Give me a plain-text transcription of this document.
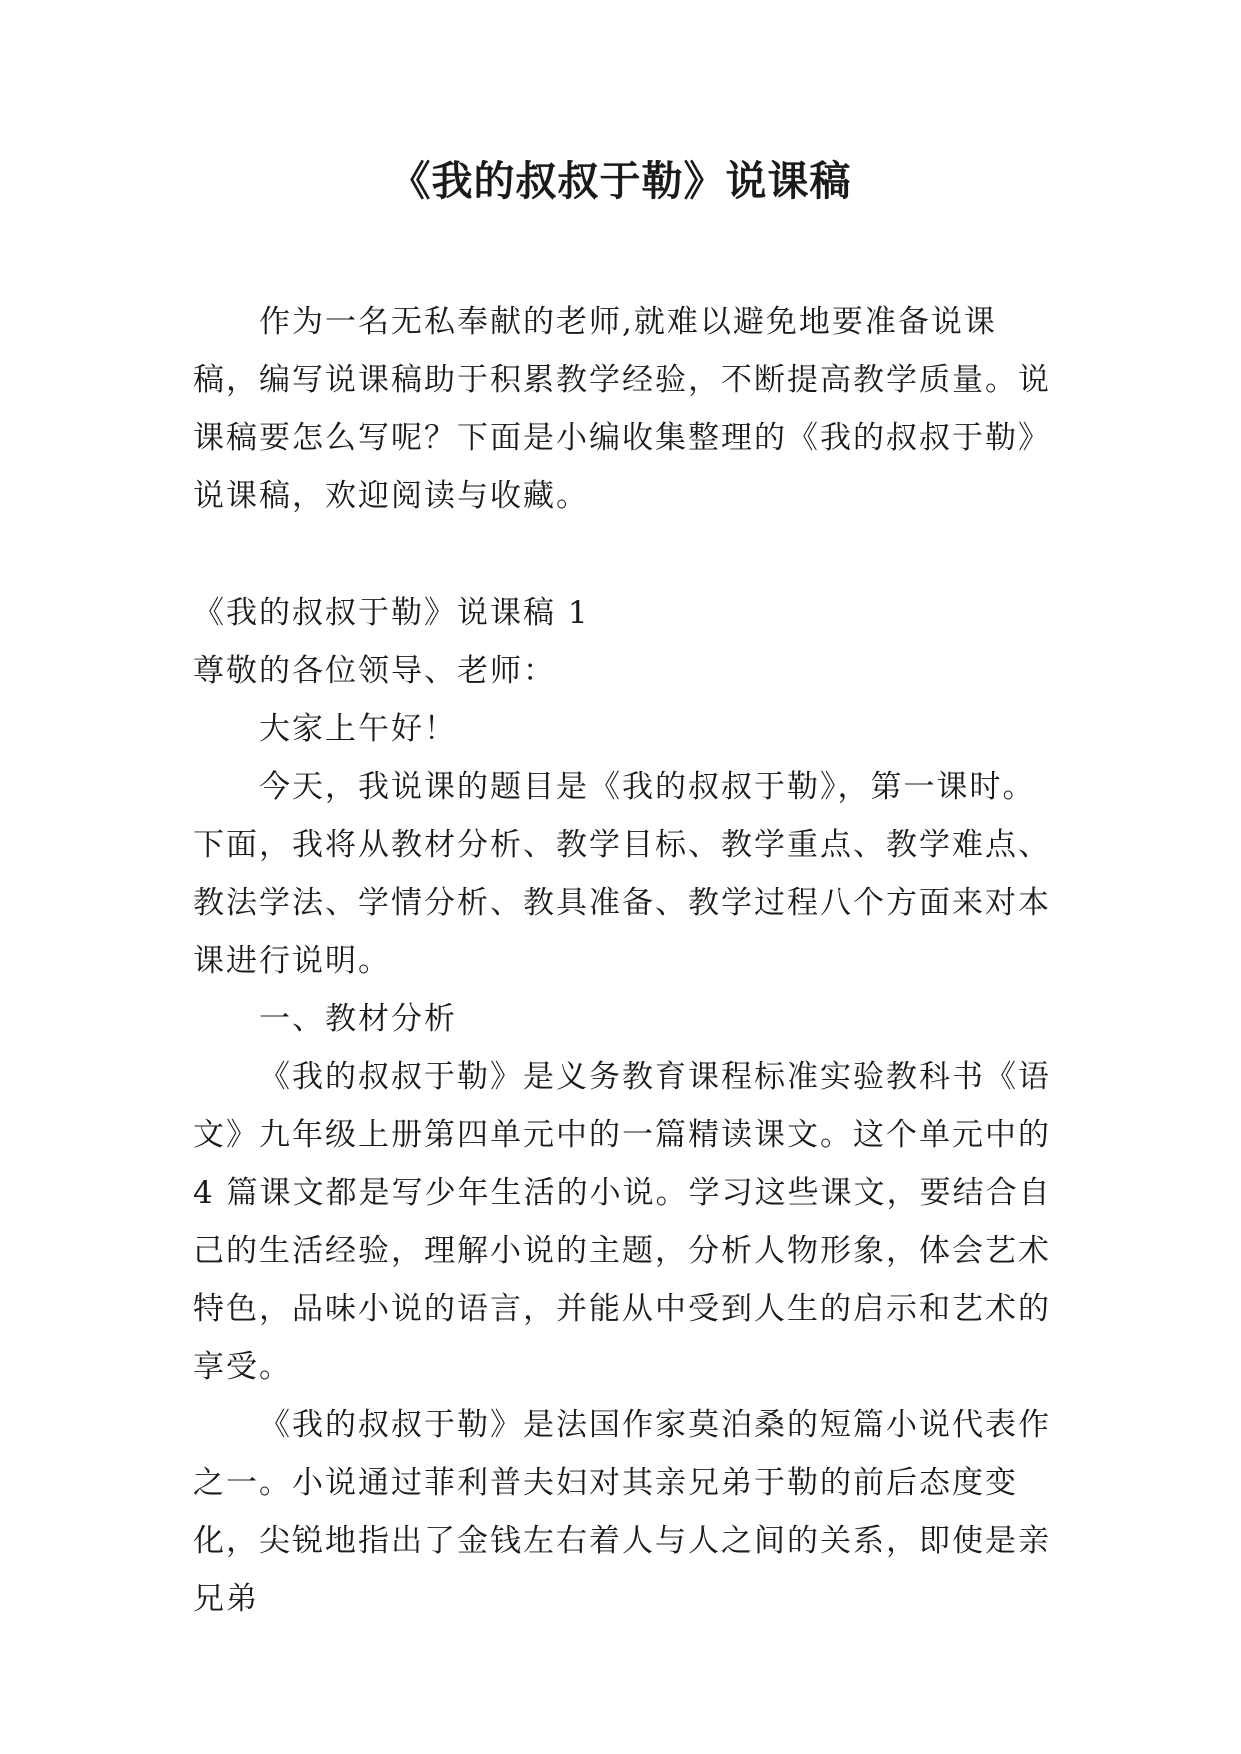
《我的叔叔于勒》说课稿

作为一名无私奉献的老师,就难以避免地要准备说课稿，编写说课稿助于积累教学经验，不断提高教学质量。说课稿要怎么写呢？下面是小编收集整理的《我的叔叔于勒》说课稿，欢迎阅读与收藏。

《我的叔叔于勒》说课稿 1

尊敬的各位领导、老师：

大家上午好！

今天，我说课的题目是《我的叔叔于勒》，第一课时。下面，我将从教材分析、教学目标、教学重点、教学难点、教法学法、学情分析、教具准备、教学过程八个方面来对本课进行说明。

一、教材分析

《我的叔叔于勒》是义务教育课程标准实验教科书《语文》九年级上册第四单元中的一篇精读课文。这个单元中的 4 篇课文都是写少年生活的小说。学习这些课文，要结合自己的生活经验，理解小说的主题，分析人物形象，体会艺术特色，品味小说的语言，并能从中受到人生的启示和艺术的享受。

《我的叔叔于勒》是法国作家莫泊桑的短篇小说代表作之一。小说通过菲利普夫妇对其亲兄弟于勒的前后态度变化，尖锐地指出了金钱左右着人与人之间的关系，即使是亲兄弟
